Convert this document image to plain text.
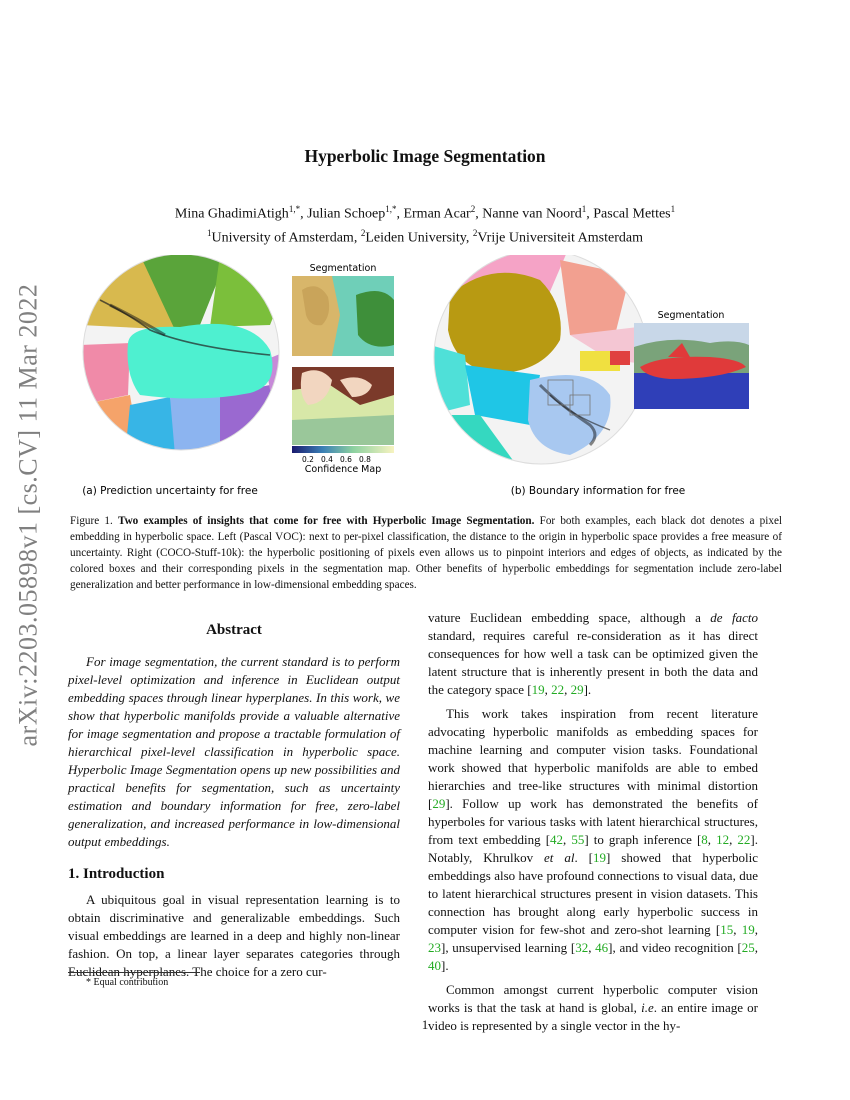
arXiv:2203.05898v1 [cs.CV] 11 Mar 2022
Hyperbolic Image Segmentation
Mina GhadimiAtigh$^{1,*}$, Julian Schoep$^{1,*}$, Erman Acar$^2$, Nanne van Noord$^1$, Pascal Mettes$^1$
$^1$University of Amsterdam, $^2$Leiden University, $^2$Vrije Universiteit Amsterdam
Segmentation
0.2 0.4 0.6 0.8
Confidence Map
Segmentation
(a) Prediction uncertainty for free	(b) Boundary information for free
Figure 1. Two examples of insights that come for free with Hyperbolic Image Segmentation. For both examples, each black dot denotes a pixel embedding in hyperbolic space. Left (Pascal VOC): next to per-pixel classification, the distance to the origin in hyperbolic space provides a free measure of uncertainty. Right (COCO-Stuff-10k): the hyperbolic positioning of pixels even allows us to pinpoint interiors and edges of objects, as indicated by the colored boxes and their corresponding pixels in the segmentation map. Other benefits of hyperbolic embeddings for segmentation include zero-label generalization and better performance in low-dimensional embedding spaces.
Abstract
For image segmentation, the current standard is to perform pixel-level optimization and inference in Euclidean output embedding spaces through linear hyperplanes. In this work, we show that hyperbolic manifolds provide a valuable alternative for image segmentation and propose a tractable formulation of hierarchical pixel-level classification in hyperbolic space. Hyperbolic Image Segmentation opens up new possibilities and practical benefits for segmentation, such as uncertainty estimation and boundary information for free, zero-label generalization, and increased performance in low-dimensional output embeddings.
1. Introduction
A ubiquitous goal in visual representation learning is to obtain discriminative and generalizable embeddings. Such visual embeddings are learned in a deep and highly non-linear fashion. On top, a linear layer separates categories through Euclidean hyperplanes. The choice for a zero cur-
vature Euclidean embedding space, although a de facto standard, requires careful re-consideration as it has direct consequences for how well a task can be optimized given the latent structure that is inherently present in both the data and the category space [19, 22, 29].
This work takes inspiration from recent literature advocating hyperbolic manifolds as embedding spaces for machine learning and computer vision tasks. Foundational work showed that hyperbolic manifolds are able to embed hierarchies and tree-like structures with minimal distortion [29]. Follow up work has demonstrated the benefits of hyperboles for various tasks with latent hierarchical structures, from text embedding [42, 55] to graph inference [8, 12, 22]. Notably, Khrulkov et al. [19] showed that hyperbolic embeddings also have profound connections to visual data, due to latent hierarchical structures present in vision datasets. This connection has brought along early hyperbolic success in computer vision for few-shot and zero-shot learning [15, 19, 23], unsupervised learning [32, 46], and video recognition [25, 40].
Common amongst current hyperbolic computer vision works is that the task at hand is global, i.e. an entire image or video is represented by a single vector in the hy-
* Equal contribution
1
